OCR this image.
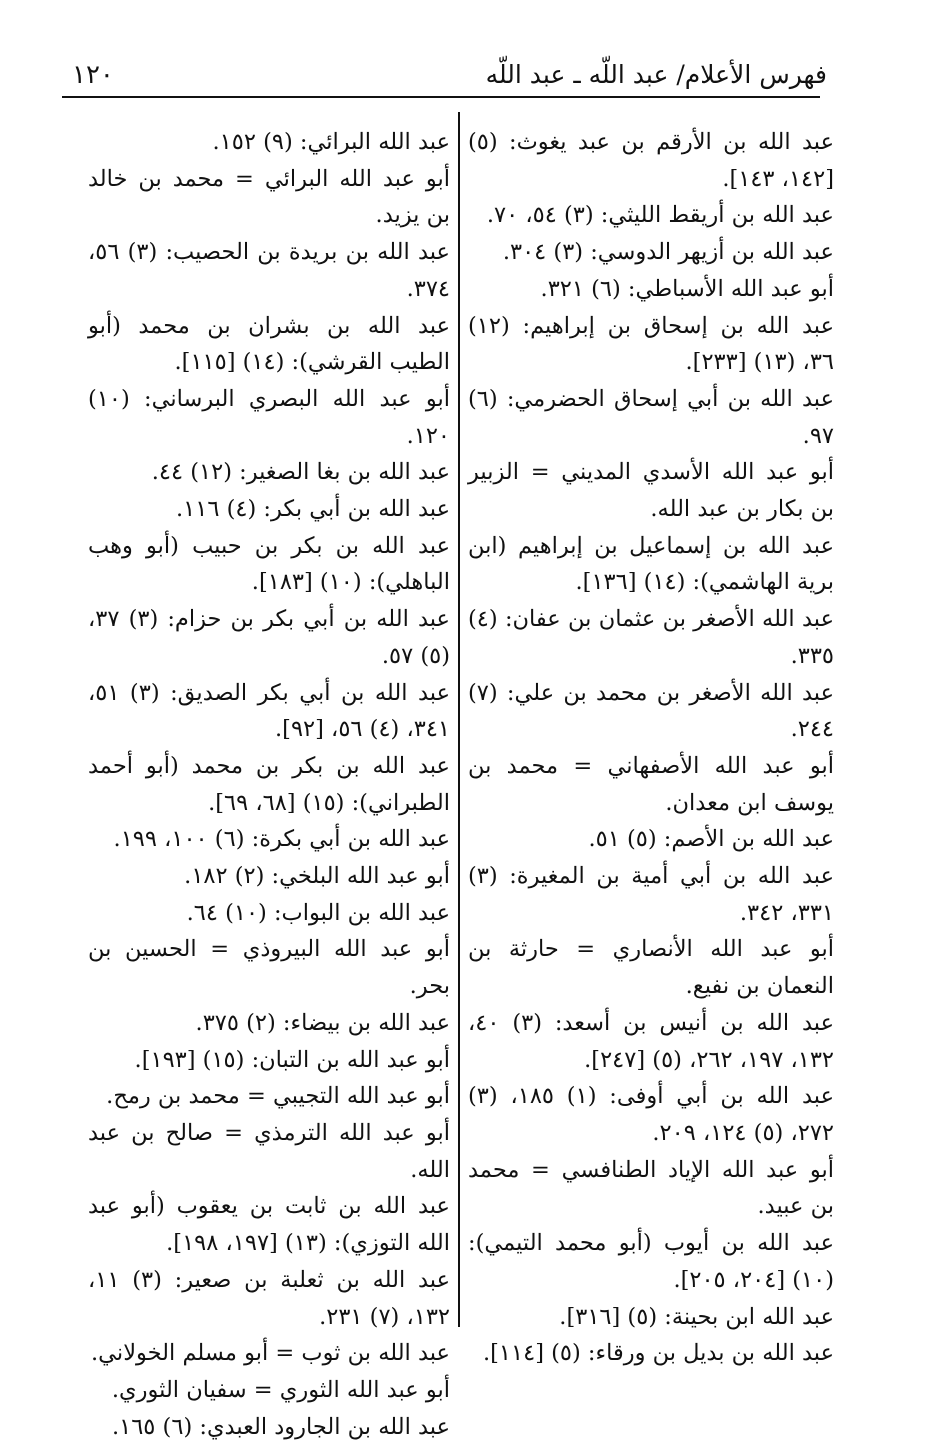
١٢٠	فهرس الأعلام/ عبد اللّه ـ عبد اللّه
عبد الله بن الأرقم بن عبد يغوث: (٥) [١٤٢، ١٤٣].
عبد الله بن أريقط الليثي: (٣) ٥٤، ٧٠.
عبد الله بن أزيهر الدوسي: (٣) ٣٠٤.
أبو عبد الله الأسباطي: (٦) ٣٢١.
عبد الله بن إسحاق بن إبراهيم: (١٢) ٣٦، (١٣) [٢٣٣].
عبد الله بن أبي إسحاق الحضرمي: (٦) ٩٧.
أبو عبد الله الأسدي المديني = الزبير بن بكار بن عبد الله.
عبد الله بن إسماعيل بن إبراهيم (ابن برية الهاشمي): (١٤) [١٣٦].
عبد الله الأصغر بن عثمان بن عفان: (٤) ٣٣٥.
عبد الله الأصغر بن محمد بن علي: (٧) ٢٤٤.
أبو عبد الله الأصفهاني = محمد بن يوسف ابن معدان.
عبد الله بن الأصم: (٥) ٥١.
عبد الله بن أبي أمية بن المغيرة: (٣) ٣٣١، ٣٤٢.
أبو عبد الله الأنصاري = حارثة بن النعمان بن نفيع.
عبد الله بن أنيس بن أسعد: (٣) ٤٠، ١٣٢، ١٩٧، ٢٦٢، (٥) [٢٤٧].
عبد الله بن أبي أوفى: (١) ١٨٥، (٣) ٢٧٢، (٥) ١٢٤، ٢٠٩.
أبو عبد الله الإياد الطنافسي = محمد بن عبيد.
عبد الله بن أيوب (أبو محمد التيمي): (١٠) [٢٠٤، ٢٠٥].
عبد الله ابن بحينة: (٥) [٣١٦].
عبد الله بن بديل بن ورقاء: (٥) [١١٤].
عبد الله البرائي: (٩) ١٥٢.
أبو عبد الله البرائي = محمد بن خالد بن يزيد.
عبد الله بن بريدة بن الحصيب: (٣) ٥٦، ٣٧٤.
عبد الله بن بشران بن محمد (أبو الطيب القرشي): (١٤) [١١٥].
أبو عبد الله البصري البرساني: (١٠) ١٢٠.
عبد الله بن بغا الصغير: (١٢) ٤٤.
عبد الله بن أبي بكر: (٤) ١١٦.
عبد الله بن بكر بن حبيب (أبو وهب الباهلي): (١٠) [١٨٣].
عبد الله بن أبي بكر بن حزام: (٣) ٣٧، (٥) ٥٧.
عبد الله بن أبي بكر الصديق: (٣) ٥١، ٣٤١، (٤) ٥٦، [٩٢].
عبد الله بن بكر بن محمد (أبو أحمد الطبراني): (١٥) [٦٨، ٦٩].
عبد الله بن أبي بكرة: (٦) ١٠٠، ١٩٩.
أبو عبد الله البلخي: (٢) ١٨٢.
عبد الله بن البواب: (١٠) ٦٤.
أبو عبد الله البيروذي = الحسين بن بحر.
عبد الله بن بيضاء: (٢) ٣٧٥.
أبو عبد الله بن التبان: (١٥) [١٩٣].
أبو عبد الله التجيبي = محمد بن رمح.
أبو عبد الله الترمذي = صالح بن عبد الله.
عبد الله بن ثابت بن يعقوب (أبو عبد الله التوزي): (١٣) [١٩٧، ١٩٨].
عبد الله بن ثعلبة بن صعير: (٣) ١١، ١٣٢، (٧) ٢٣١.
عبد الله بن ثوب = أبو مسلم الخولاني.
أبو عبد الله الثوري = سفيان الثوري.
عبد الله بن الجارود العبدي: (٦) ١٦٥.
